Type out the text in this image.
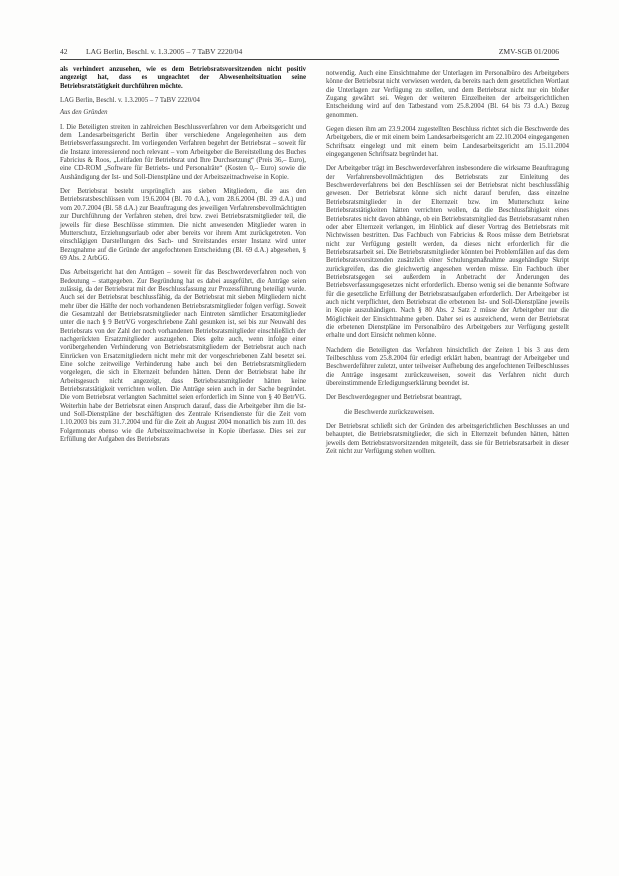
42 LAG Berlin, Beschl. v. 1.3.2005 – 7 TaBV 2220/04	ZMV-SGB 01/2006

als verhindert anzusehen, wie es dem Betriebsratsvorsitzenden nicht positiv angezeigt hat, dass es ungeachtet der Abwesenheitsituation seine Betriebsratstätigkeit durchführen möchte.

LAG Berlin, Beschl. v. 1.3.2005 – 7 TaBV 2220/04

Aus den Gründen

I. Die Beteiligten streiten in zahlreichen Beschlussverfahren vor dem Arbeitsgericht und dem Landesarbeitsgericht Berlin über verschiedene Angelegenheiten aus dem Betriebsverfassungsrecht. Im vorliegenden Verfahren begehrt der Betriebsrat – soweit für die Instanz interessierend noch relevant – vom Arbeitgeber die Bereitstellung des Buches Fabricius & Roos, „Leitfaden für Betriebsrat und Ihre Durchsetzung“ (Preis 36,– Euro), eine CD-ROM „Software für Betriebs- und Personalräte“ (Kosten 0,– Euro) sowie die Aushändigung der Ist- und Soll-Dienstpläne und der Arbeitszeitnachweise in Kopie.

Der Betriebsrat besteht ursprünglich aus sieben Mitgliedern, die aus den Betriebsratsbeschlüssen vom 19.6.2004 (Bl. 70 d.A.), vom 28.6.2004 (Bl. 39 d.A.) und vom 20.7.2004 (Bl. 58 d.A.) zur Beauftragung des jeweiligen Verfahrensbevollmächtigten zur Durchführung der Verfahren stehen, drei bzw. zwei Betriebsratsmitglieder teil, die jeweils für diese Beschlüsse stimmten. Die nicht anwesenden Mitglieder waren in Mutterschutz, Erziehungsurlaub oder aber bereits vor ihrem Amt zurückgetreten. Von einschlägigen Darstellungen des Sach- und Streitstandes erster Instanz wird unter Bezugnahme auf die Gründe der angefochtenen Entscheidung (Bl. 69 d.A.) abgesehen, § 69 Abs. 2 ArbGG.

Das Arbeitsgericht hat den Anträgen – soweit für das Beschwerdeverfahren noch von Bedeutung – stattgegeben. Zur Begründung hat es dabei ausgeführt, die Anträge seien zulässig, da der Betriebsrat mit der Beschlussfassung zur Prozessführung beteiligt wurde. Auch sei der Betriebsrat beschlussfähig, da der Betriebsrat mit sieben Mitgliedern nicht mehr über die Hälfte der noch vorhandenen Betriebsratsmitglieder folgen verfügt. Soweit die Gesamtzahl der Betriebsratsmitglieder nach Eintreten sämtlicher Ersatzmitglieder unter die nach § 9 BetrVG vorgeschriebene Zahl gesunken ist, sei bis zur Neuwahl des Betriebsrats von der Zahl der noch vorhandenen Betriebsratsmitglieder einschließlich der nachgerückten Ersatzmitglieder auszugehen. Dies gelte auch, wenn infolge einer vorübergehenden Verhinderung von Betriebsratsmitgliedern der Betriebsrat auch nach Einrücken von Ersatzmitgliedern nicht mehr mit der vorgeschriebenen Zahl besetzt sei. Eine solche zeitweilige Verhinderung habe auch bei den Betriebsratsmitgliedern vorgelegen, die sich in Elternzeit befunden hätten. Denn der Betriebsrat habe ihr Arbeitsgesuch nicht angezeigt, dass Betriebsratsmitglieder hätten keine Betriebsratstätigkeit verrichten wollen. Die Anträge seien auch in der Sache begründet. Die vom Betriebsrat verlangten Sachmittel seien erforderlich im Sinne von § 40 BetrVG. Weiterhin habe der Betriebsrat einen Anspruch darauf, dass die Arbeitgeber ihm die Ist- und Soll-Dienstpläne der beschäftigten des Zentrale Krisendienste für die Zeit vom 1.10.2003 bis zum 31.7.2004 und für die Zeit ab August 2004 monatlich bis zum 10. des Folgemonats ebenso wie die Arbeitszeitnachweise in Kopie überlasse. Dies sei zur Erfüllung der Aufgaben des Betriebsrats

notwendig. Auch eine Einsichtnahme der Unterlagen im Personalbüro des Arbeitgebers könne der Betriebsrat nicht verwiesen werden, da bereits nach dem gesetzlichen Wortlaut die Unterlagen zur Verfügung zu stellen, und dem Betriebsrat nicht nur ein bloßer Zugang gewährt sei. Wegen der weiteren Einzelheiten der arbeitsgerichtlichen Entscheidung wird auf den Tatbestand vom 25.8.2004 (Bl. 64 bis 73 d.A.) Bezug genommen.

Gegen diesen ihm am 23.9.2004 zugestellten Beschluss richtet sich die Beschwerde des Arbeitgebers, die er mit einem beim Landesarbeitsgericht am 22.10.2004 eingegangenen Schriftsatz eingelegt und mit einem beim Landesarbeitsgericht am 15.11.2004 eingegangenen Schriftsatz begründet hat.

Der Arbeitgeber trägt im Beschwerdeverfahren insbesondere die wirksame Beauftragung der Verfahrensbevollmächtigten des Betriebsrats zur Einleitung des Beschwerdeverfahrens bei den Beschlüssen sei der Betriebsrat nicht beschlussfähig gewesen. Der Betriebsrat könne sich nicht darauf berufen, dass einzelne Betriebsratsmitglieder in der Elternzeit bzw. im Mutterschutz keine Betriebsratstätigkeiten hätten verrichten wollen, da die Beschlussfähigkeit eines Betriebsrates nicht davon abhänge, ob ein Betriebsratsmitglied das Betriebsratsamt ruhen oder aber Elternzeit verlangen, im Hinblick auf dieser Vortrag des Betriebsrats mit Nichtwissen bestritten. Das Fachbuch von Fabricius & Roos müsse dem Betriebsrat nicht zur Verfügung gestellt werden, da dieses nicht erforderlich für die Betriebsratsarbeit sei. Die Betriebsratsmitglieder könnten bei Problemfällen auf das dem Betriebsratsvorsitzenden zusätzlich einer Schulungsmaßnahme ausgehändigte Skript zurückgreifen, das die gleichwertig angesehen werden müsse. Ein Fachbuch über Betriebsratsgegen sei außerdem in Anbetracht der Änderungen des Betriebsverfassungsgesetzes nicht erforderlich. Ebenso wenig sei die benannte Software für die gesetzliche Erfüllung der Betriebsratsaufgaben erforderlich. Der Arbeitgeber ist auch nicht verpflichtet, dem Betriebsrat die erbetenen Ist- und Soll-Dienstpläne jeweils in Kopie auszuhändigen. Nach § 80 Abs. 2 Satz 2 müsse der Arbeitgeber nur die Möglichkeit der Einsichtnahme geben. Daher sei es ausreichend, wenn der Betriebsrat die erbetenen Dienstpläne im Personalbüro des Arbeitgebers zur Verfügung gestellt erhalte und dort Einsicht nehmen könne.

Nachdem die Beteiligten das Verfahren hinsichtlich der Zeiten 1 bis 3 aus dem Teilbeschluss vom 25.8.2004 für erledigt erklärt haben, beantragt der Arbeitgeber und Beschwerdeführer zuletzt, unter teilweiser Aufhebung des angefochtenen Teilbeschlusses die Anträge insgesamt zurückzuweisen, soweit das Verfahren nicht durch übereinstimmende Erledigungserklärung beendet ist.

Der Beschwerdegegner und Betriebsrat beantragt,

die Beschwerde zurückzuweisen.

Der Betriebsrat schließt sich der Gründen des arbeitsgerichtlichen Beschlusses an und behauptet, die Betriebsratsmitglieder, die sich in Elternzeit befunden hätten, hätten jeweils dem Betriebsratsvorsitzenden mitgeteilt, dass sie für Betriebsratsarbeit in dieser Zeit nicht zur Verfügung stehen wollten.
